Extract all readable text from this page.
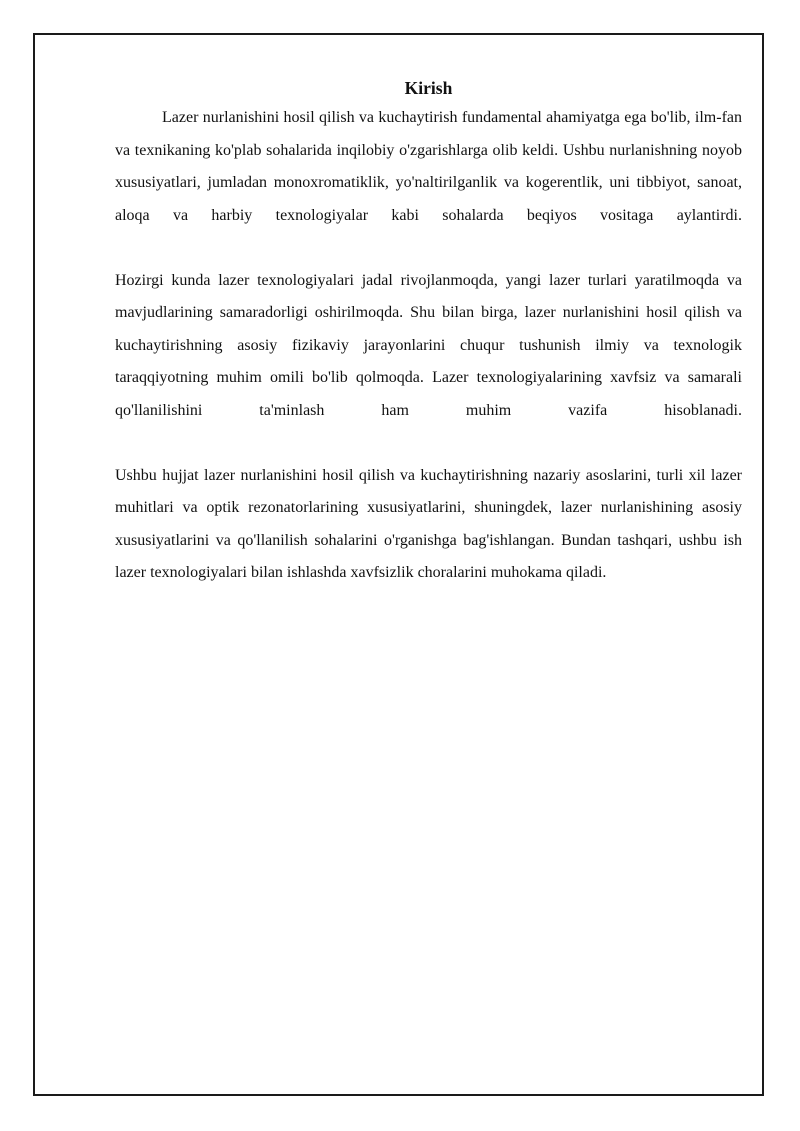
Kirish

Lazer nurlanishini hosil qilish va kuchaytirish fundamental ahamiyatga ega bo'lib, ilm-fan va texnikaning ko'plab sohalarida inqilobiy o'zgarishlarga olib keldi. Ushbu nurlanishning noyob xususiyatlari, jumladan monoxromatiklik, yo'naltirilganlik va kogerentlik, uni tibbiyot, sanoat, aloqa va harbiy texnologiyalar kabi sohalarda beqiyos vositaga aylantirdi.

Hozirgi kunda lazer texnologiyalari jadal rivojlanmoqda, yangi lazer turlari yaratilmoqda va mavjudlarining samaradorligi oshirilmoqda. Shu bilan birga, lazer nurlanishini hosil qilish va kuchaytirishning asosiy fizikaviy jarayonlarini chuqur tushunish ilmiy va texnologik taraqqiyotning muhim omili bo'lib qolmoqda. Lazer texnologiyalarining xavfsiz va samarali qo'llanilishini ta'minlash ham muhim vazifa hisoblanadi.

Ushbu hujjat lazer nurlanishini hosil qilish va kuchaytirishning nazariy asoslarini, turli xil lazer muhitlari va optik rezonatorlarining xususiyatlarini, shuningdek, lazer nurlanishining asosiy xususiyatlarini va qo'llanilish sohalarini o'rganishga bag'ishlangan. Bundan tashqari, ushbu ish lazer texnologiyalari bilan ishlashda xavfsizlik choralarini muhokama qiladi.
